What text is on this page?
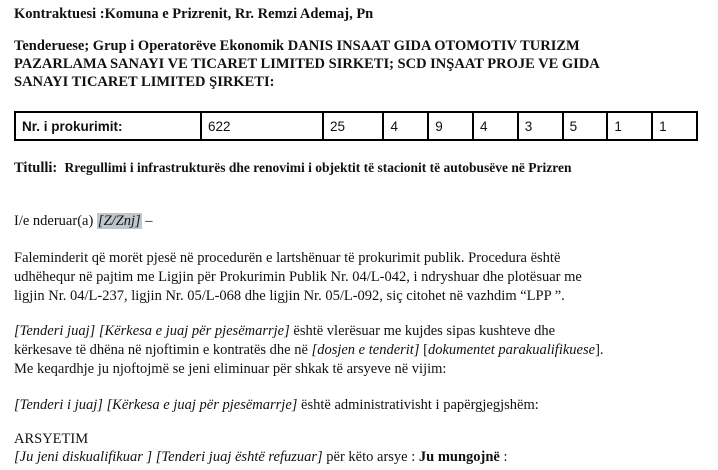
Kontraktuesi :Komuna e Prizrenit, Rr. Remzi Ademaj, Pn
Tenderuese; Grup i Operatorëve Ekonomik DANIS INSAAT GIDA OTOMOTIV TURIZM
PAZARLAMA SANAYI VE TICARET LIMITED SIRKETI; SCD INŞAAT PROJE VE GIDA
SANAYI TICARET LIMITED ŞIRKETI:
Nr. i prokurimit:	622	25	4	9	4	3	5	1	1
Titulli: Rregullimi i infrastrukturës dhe renovimi i objektit të stacionit të autobusëve në Prizren
I/e nderuar(a) [Z/Znj] –
Faleminderit që morët pjesë në procedurën e lartshënuar të prokurimit publik. Procedura është
udhëhequr në pajtim me Ligjin për Prokurimin Publik Nr. 04/L-042, i ndryshuar dhe plotësuar me
ligjin Nr. 04/L-237, ligjin Nr. 05/L-068 dhe ligjin Nr. 05/L-092, siç citohet në vazhdim “LPP ”.
[Tenderi juaj] [Kërkesa e juaj për pjesëmarrje] është vlerësuar me kujdes sipas kushteve dhe
kërkesave të dhëna në njoftimin e kontratës dhe në [dosjen e tenderit] [dokumentet parakualifikuese].
Me keqardhje ju njoftojmë se jeni eliminuar për shkak të arsyeve në vijim:
[Tenderi i juaj] [Kërkesa e juaj për pjesëmarrje] është administrativisht i papërgjegjshëm:
ARSYETIM
[Ju jeni diskualifikuar ] [Tenderi juaj është refuzuar] për këto arsye : Ju mungojnë :
